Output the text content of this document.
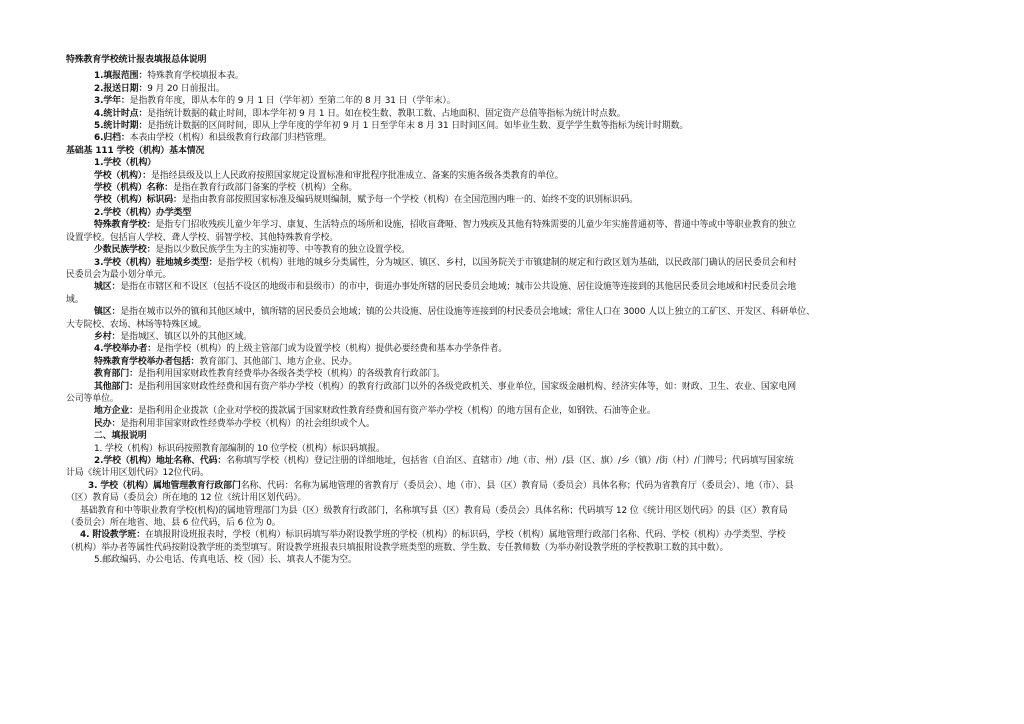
特殊教育学校统计报表填报总体说明

1.填报范围：特殊教育学校填报本表。

2.报送日期：9 月 20 日前报出。

3.学年：是指教育年度，即从本年的 9 月 1 日（学年初）至第二年的 8 月 31 日（学年末）。

4.统计时点：是指统计数据的截止时间，即本学年初 9 月 1 日。如在校生数、教职工数、占地面积、固定资产总值等指标为统计时点数。

5.统计时期：是指统计数据的区间时间，即从上学年度的学年初 9 月 1 日至学年末 8 月 31 日时间区间。如毕业生数、夏学学生数等指标为统计时期数。

6.归档：本表由学校（机构）和县级教育行政部门归档管理。

基础基 111 学校（机构）基本情况

1.学校（机构）

学校（机构）：是指经县级及以上人民政府按照国家规定设置标准和审批程序批准成立、备案的实施各级各类教育的单位。

学校（机构）名称：是指在教育行政部门备案的学校（机构）全称。

学校（机构）标识码：是指由教育部按照国家标准及编码规则编制，赋予每一个学校（机构）在全国范围内唯一的、始终不变的识别标识码。

2.学校（机构）办学类型

特殊教育学校：是指专门招收残疾儿童少年学习、康复、生活特点的场所和设施，招收盲聋哑、智力残疾及其他有特殊需要的儿童少年实施普通初等、普通中等或中等职业教育的独立

设置学校。包括盲人学校、聋人学校、弱智学校、其他特殊教育学校。

少数民族学校：是指以少数民族学生为主的实施初等、中等教育的独立设置学校。

3.学校（机构）驻地城乡类型：是指学校（机构）驻地的城乡分类属性，分为城区、镇区、乡村，以国务院关于市镇建制的规定和行政区划为基础，以民政部门确认的居民委员会和村

民委员会为最小划分单元。

城区：是指在市辖区和不设区（包括不设区的地级市和县级市）的市中，街道办事处所辖的居民委员会地域；城市公共设施、居住设施等连接到的其他居民委员会地域和村民委员会地

域。

镇区：是指在城市以外的镇和其他区域中，镇所辖的居民委员会地域；镇的公共设施、居住设施等连接到的村民委员会地域；常住人口在 3000 人以上独立的工矿区、开发区、科研单位、

大专院校、农场、林场等特殊区域。

乡村：是指城区、镇区以外的其他区域。

4.学校举办者：是指学校（机构）的上级主管部门或为设置学校（机构）提供必要经费和基本办学条件者。

特殊教育学校举办者包括：教育部门、其他部门、地方企业、民办。

教育部门：是指利用国家财政性教育经费举办各级各类学校（机构）的各级教育行政部门。

其他部门：是指利用国家财政性经费和国有资产举办学校（机构）的教育行政部门以外的各级党政机关、事业单位，国家级金融机构、经济实体等，如：财政、卫生、农业、国家电网

公司等单位。

地方企业：是指利用企业拨款（企业对学校的拨款属于国家财政性教育经费和国有资产举办学校（机构）的地方国有企业，如钢铁、石油等企业。

民办：是指利用非国家财政性经费举办学校（机构）的社会组织或个人。

二、填报说明

1. 学校（机构）标识码按照教育部编制的 10 位学校（机构）标识码填报。

2.学校（机构）地址名称、代码：名称填写学校（机构）登记注册的详细地址，包括省（自治区、直辖市）/地（市、州）/县（区、旗）/乡（镇）/街（村）/门牌号；代码填写国家统

计局《统计用区划代码》12位代码。

3. 学校（机构）属地管理教育行政部门名称、代码：名称为属地管理的省教育厅（委员会）、地（市）、县（区）教育局（委员会）具体名称；代码为省教育厅（委员会）、地（市）、县

（区）教育局（委员会）所在地的 12 位《统计用区划代码》。

基础教育和中等职业教育学校(机构)的属地管理部门为县（区）级教育行政部门，名称填写县（区）教育局（委员会）具体名称；代码填写 12 位《统计用区划代码》的县（区）教育局

（委员会）所在地省、地、县 6 位代码，后 6 位为 0。

4. 附设教学班：在填报附设班报表时，学校（机构）标识码填写举办附设教学班的学校（机构）的标识码，学校（机构）属地管理行政部门名称、代码、学校（机构）办学类型、学校

（机构）举办者等属性代码按附设教学班的类型填写。附设教学班报表只填报附设教学班类型的班数、学生数、专任教师数（为举办附设教学班的学校教职工数的其中数）。

5.邮政编码、办公电话、传真电话、校（园）长、填表人不能为空。
